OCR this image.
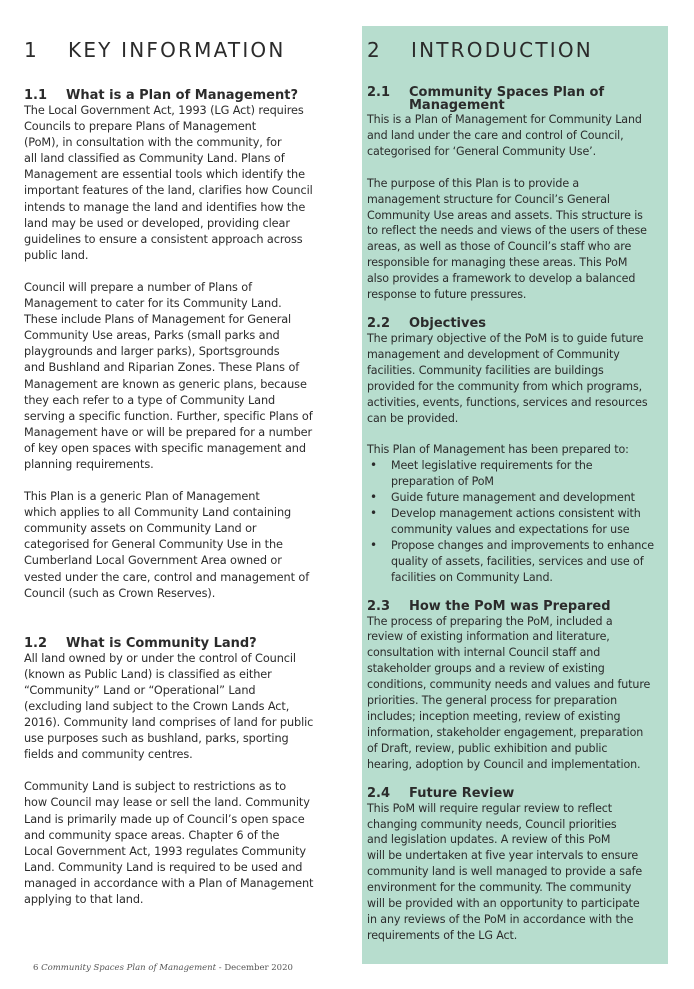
1	KEY INFORMATION
1.1	What is a Plan of Management?
The Local Government Act, 1993 (LG Act) requires
Councils to prepare Plans of Management
(PoM), in consultation with the community, for
all land classified as Community Land. Plans of
Management are essential tools which identify the
important features of the land, clarifies how Council
intends to manage the land and identifies how the
land may be used or developed, providing clear
guidelines to ensure a consistent approach across
public land.
Council will prepare a number of Plans of
Management to cater for its Community Land.
These include Plans of Management for General
Community Use areas, Parks (small parks and
playgrounds and larger parks), Sportsgrounds
and Bushland and Riparian Zones. These Plans of
Management are known as generic plans, because
they each refer to a type of Community Land
serving a specific function. Further, specific Plans of
Management have or will be prepared for a number
of key open spaces with specific management and
planning requirements.
This Plan is a generic Plan of Management
which applies to all Community Land containing
community assets on Community Land or
categorised for General Community Use in the
Cumberland Local Government Area owned or
vested under the care, control and management of
Council (such as Crown Reserves).
1.2	What is Community Land?
All land owned by or under the control of Council
(known as Public Land) is classified as either
“Community” Land or “Operational” Land
(excluding land subject to the Crown Lands Act,
2016). Community land comprises of land for public
use purposes such as bushland, parks, sporting
fields and community centres.
Community Land is subject to restrictions as to
how Council may lease or sell the land. Community
Land is primarily made up of Council’s open space
and community space areas. Chapter 6 of the
Local Government Act, 1993 regulates Community
Land. Community Land is required to be used and
managed in accordance with a Plan of Management
applying to that land.
2	INTRODUCTION
2.1 Community Spaces Plan of
Management
This is a Plan of Management for Community Land
and land under the care and control of Council,
categorised for ‘General Community Use’.
The purpose of this Plan is to provide a
management structure for Council’s General
Community Use areas and assets. This structure is
to reflect the needs and views of the users of these
areas, as well as those of Council’s staff who are
responsible for managing these areas. This PoM
also provides a framework to develop a balanced
response to future pressures.
2.2	Objectives
The primary objective of the PoM is to guide future
management and development of Community
facilities. Community facilities are buildings
provided for the community from which programs,
activities, events, functions, services and resources
can be provided.
This Plan of Management has been prepared to:
• Meet legislative requirements for the
preparation of PoM
• Guide future management and development
• Develop management actions consistent with
community values and expectations for use
• Propose changes and improvements to enhance
quality of assets, facilities, services and use of
facilities on Community Land.
2.3	How the PoM was Prepared
The process of preparing the PoM, included a
review of existing information and literature,
consultation with internal Council staff and
stakeholder groups and a review of existing
conditions, community needs and values and future
priorities. The general process for preparation
includes; inception meeting, review of existing
information, stakeholder engagement, preparation
of Draft, review, public exhibition and public
hearing, adoption by Council and implementation.
2.4	Future Review
This PoM will require regular review to reflect
changing community needs, Council priorities
and legislation updates. A review of this PoM
will be undertaken at five year intervals to ensure
community land is well managed to provide a safe
environment for the community. The community
will be provided with an opportunity to participate
in any reviews of the PoM in accordance with the
requirements of the LG Act.
6 Community Spaces Plan of Management - December 2020
